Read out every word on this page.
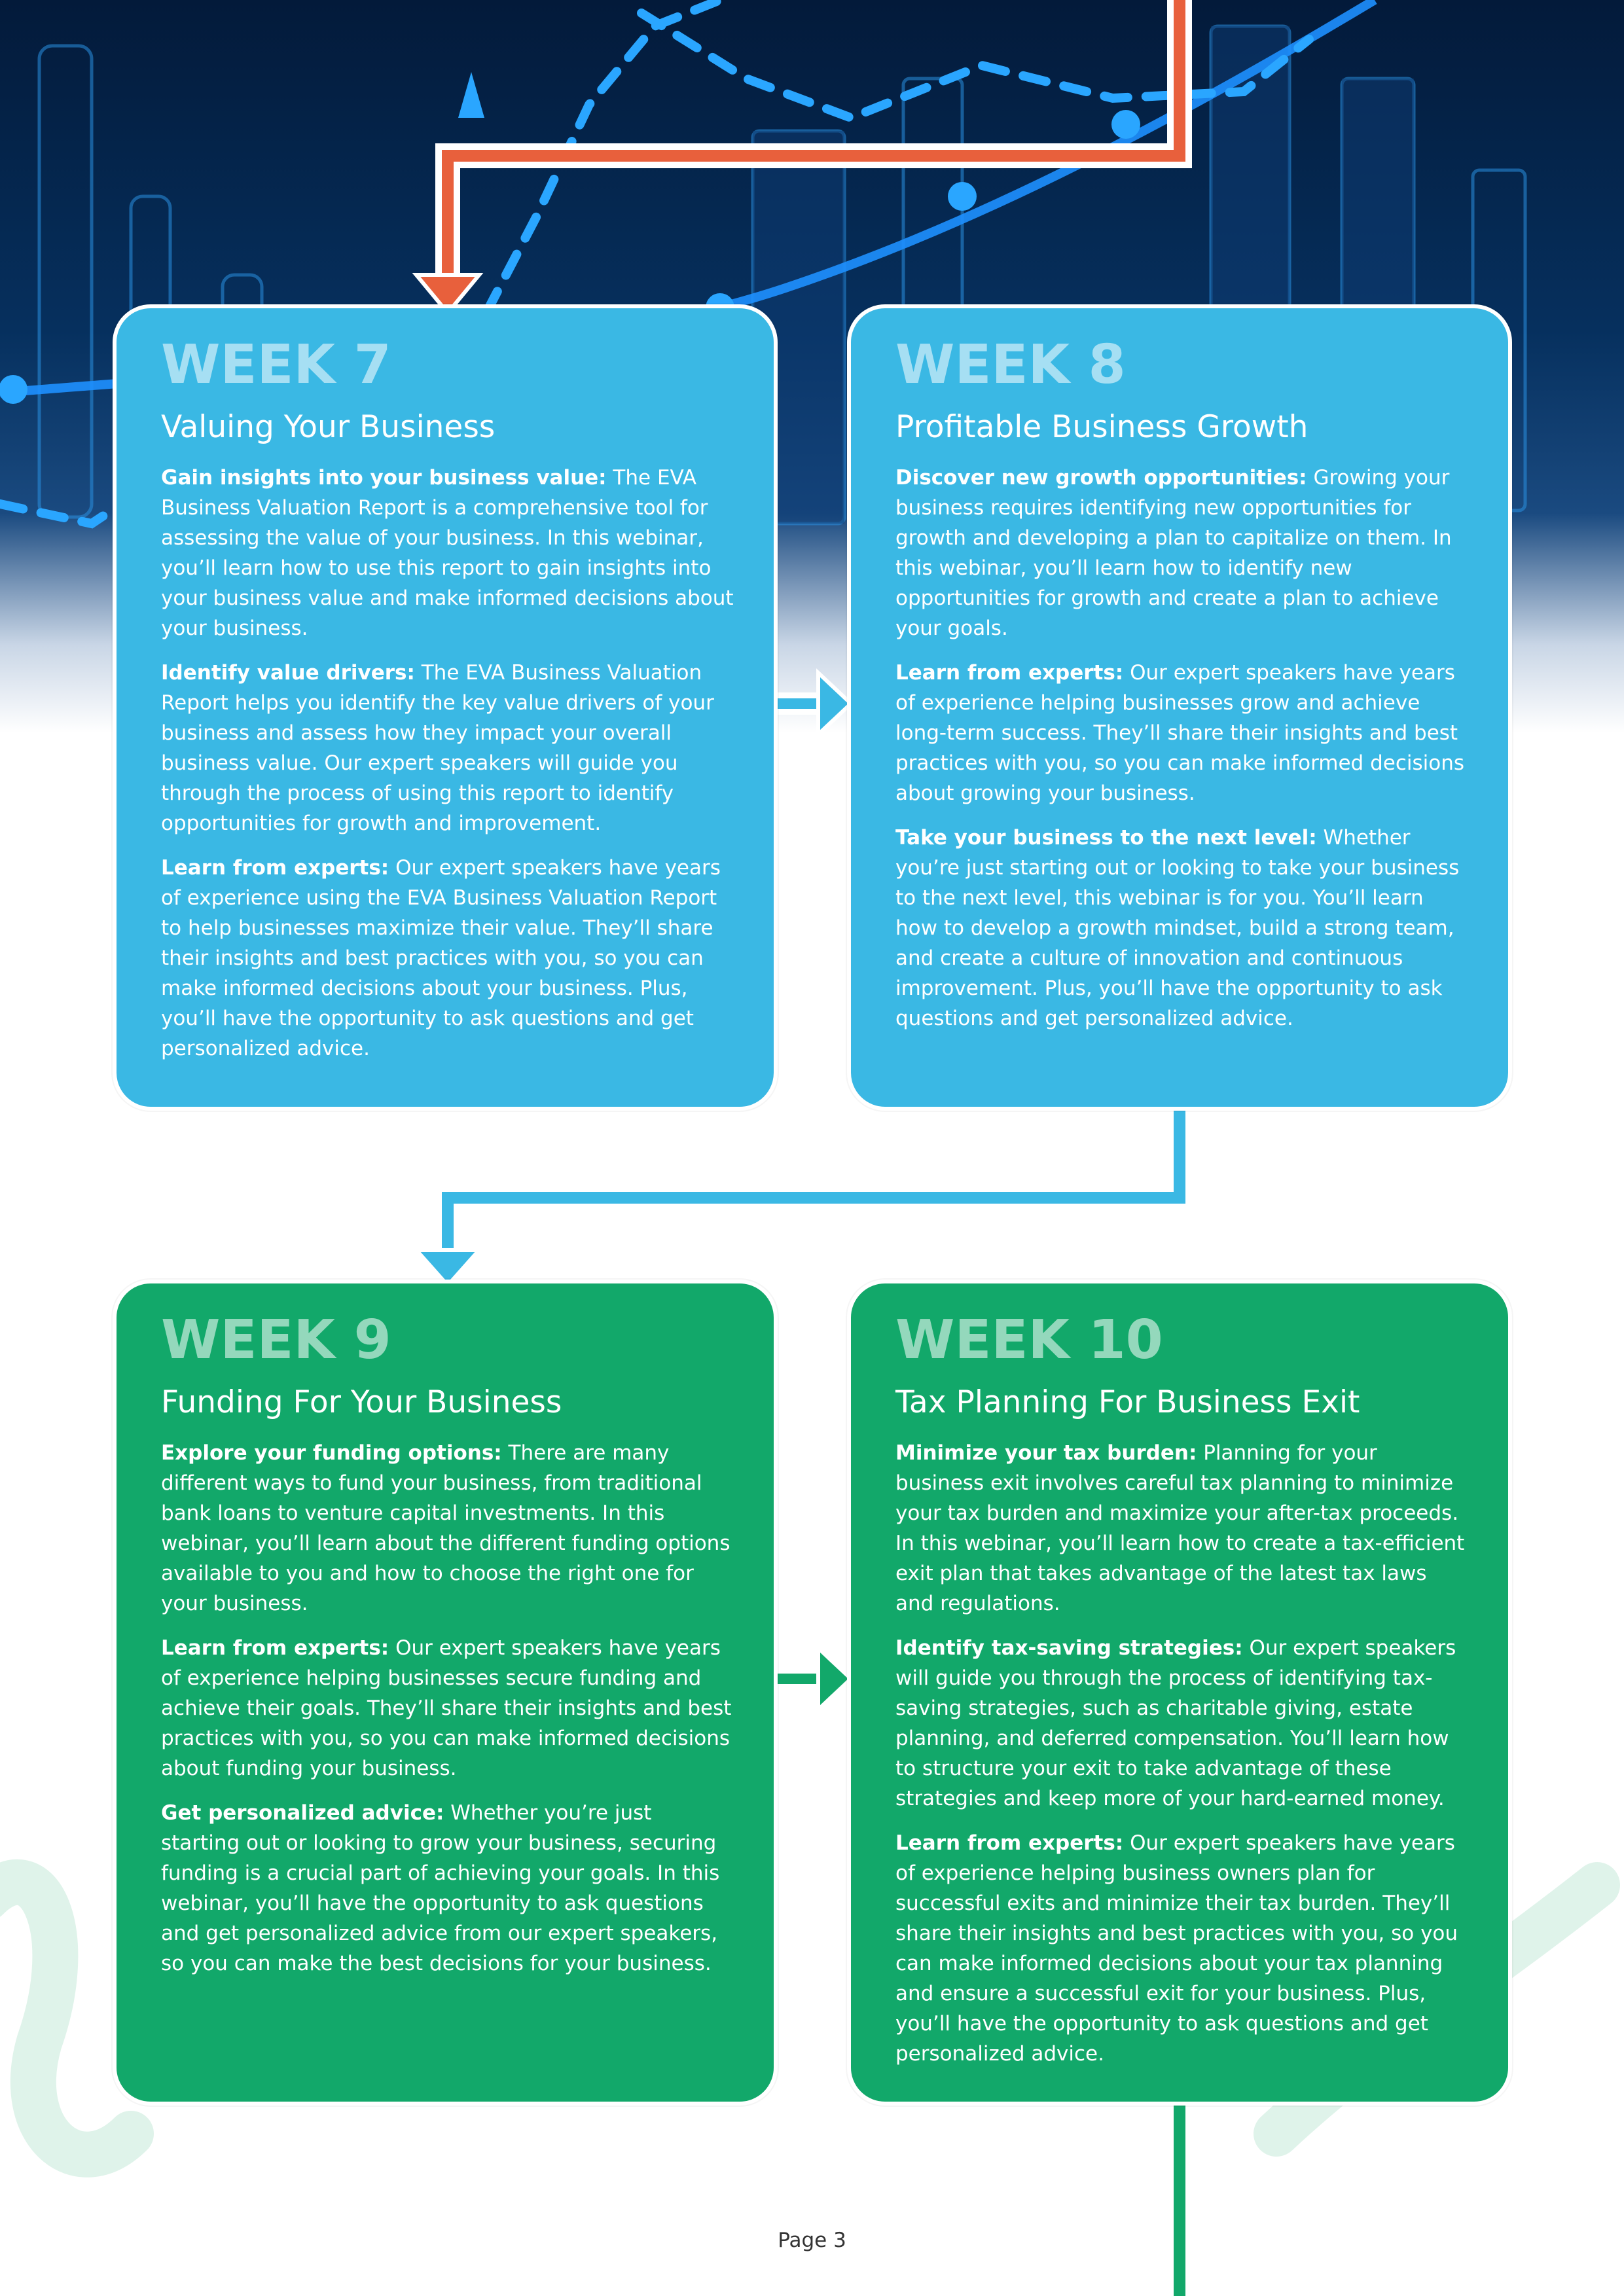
WEEK 7
Valuing Your Business

Gain insights into your business value: The EVA Business Valuation Report is a comprehensive tool for assessing the value of your business. In this webinar, you’ll learn how to use this report to gain insights into your business value and make informed decisions about your business.

Identify value drivers: The EVA Business Valuation Report helps you identify the key value drivers of your business and assess how they impact your overall business value. Our expert speakers will guide you through the process of using this report to identify opportunities for growth and improvement.

Learn from experts: Our expert speakers have years of experience using the EVA Business Valuation Report to help businesses maximize their value. They’ll share their insights and best practices with you, so you can make informed decisions about your business. Plus, you’ll have the opportunity to ask questions and get personalized advice.

WEEK 8
Profitable Business Growth

Discover new growth opportunities: Growing your business requires identifying new opportunities for growth and developing a plan to capitalize on them. In this webinar, you’ll learn how to identify new opportunities for growth and create a plan to achieve your goals.

Learn from experts: Our expert speakers have years of experience helping businesses grow and achieve long-term success. They’ll share their insights and best practices with you, so you can make informed decisions about growing your business.

Take your business to the next level: Whether you’re just starting out or looking to take your business to the next level, this webinar is for you. You’ll learn how to develop a growth mindset, build a strong team, and create a culture of innovation and continuous improvement. Plus, you’ll have the opportunity to ask questions and get personalized advice.

WEEK 9
Funding For Your Business

Explore your funding options: There are many different ways to fund your business, from traditional bank loans to venture capital investments. In this webinar, you’ll learn about the different funding options available to you and how to choose the right one for your business.

Learn from experts: Our expert speakers have years of experience helping businesses secure funding and achieve their goals. They’ll share their insights and best practices with you, so you can make informed decisions about funding your business.

Get personalized advice: Whether you’re just starting out or looking to grow your business, securing funding is a crucial part of achieving your goals. In this webinar, you’ll have the opportunity to ask questions and get personalized advice from our expert speakers, so you can make the best decisions for your business.

WEEK 10
Tax Planning For Business Exit

Minimize your tax burden: Planning for your business exit involves careful tax planning to minimize your tax burden and maximize your after-tax proceeds. In this webinar, you’ll learn how to create a tax-efficient exit plan that takes advantage of the latest tax laws and regulations.

Identify tax-saving strategies: Our expert speakers will guide you through the process of identifying tax-saving strategies, such as charitable giving, estate planning, and deferred compensation. You’ll learn how to structure your exit to take advantage of these strategies and keep more of your hard-earned money.

Learn from experts: Our expert speakers have years of experience helping business owners plan for successful exits and minimize their tax burden. They’ll share their insights and best practices with you, so you can make informed decisions about your tax planning and ensure a successful exit for your business. Plus, you’ll have the opportunity to ask questions and get personalized advice.

Page 3
